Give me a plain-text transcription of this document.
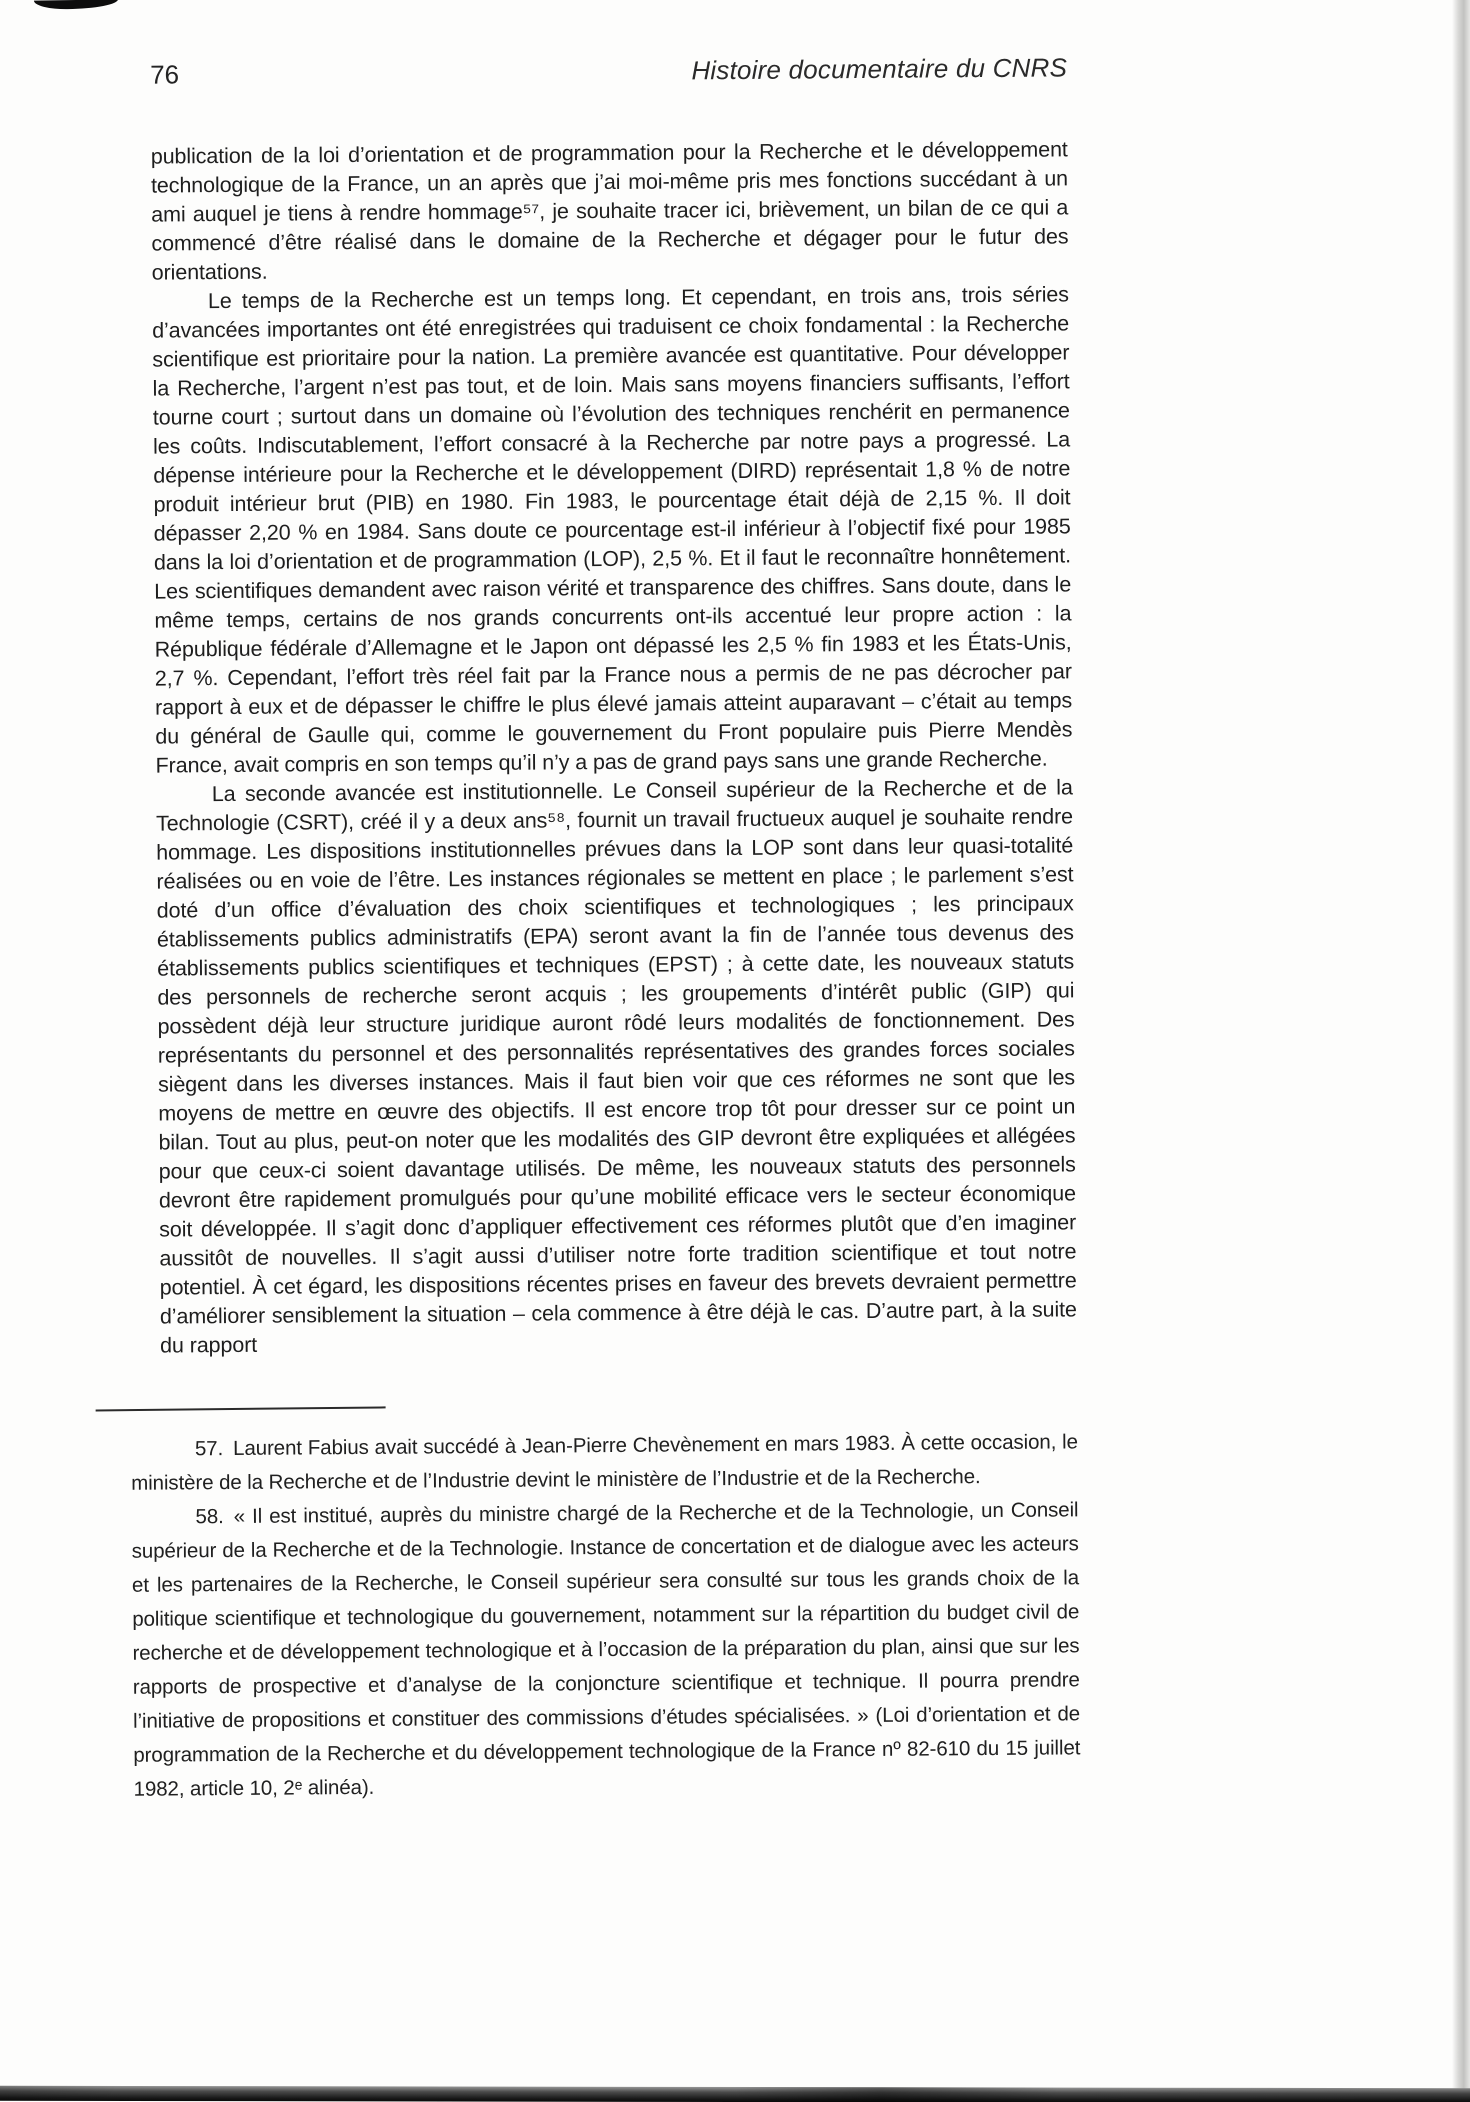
76	Histoire documentaire du CNRS

publication de la loi d’orientation et de programmation pour la Recherche et le développement technologique de la France, un an après que j’ai moi-même pris mes fonctions succédant à un ami auquel je tiens à rendre hommage⁵⁷, je souhaite tracer ici, brièvement, un bilan de ce qui a commencé d’être réalisé dans le domaine de la Recherche et dégager pour le futur des orientations.

Le temps de la Recherche est un temps long. Et cependant, en trois ans, trois séries d’avancées importantes ont été enregistrées qui traduisent ce choix fondamental : la Recherche scientifique est prioritaire pour la nation. La première avancée est quantitative. Pour développer la Recherche, l’argent n’est pas tout, et de loin. Mais sans moyens financiers suffisants, l’effort tourne court ; surtout dans un domaine où l’évolution des techniques renchérit en permanence les coûts. Indiscutablement, l’effort consacré à la Recherche par notre pays a progressé. La dépense intérieure pour la Recherche et le développement (DIRD) représentait 1,8 % de notre produit intérieur brut (PIB) en 1980. Fin 1983, le pourcentage était déjà de 2,15 %. Il doit dépasser 2,20 % en 1984. Sans doute ce pourcentage est-il inférieur à l’objectif fixé pour 1985 dans la loi d’orientation et de programmation (LOP), 2,5 %. Et il faut le reconnaître honnêtement. Les scientifiques demandent avec raison vérité et transparence des chiffres. Sans doute, dans le même temps, certains de nos grands concurrents ont-ils accentué leur propre action : la République fédérale d’Allemagne et le Japon ont dépassé les 2,5 % fin 1983 et les États-Unis, 2,7 %. Cependant, l’effort très réel fait par la France nous a permis de ne pas décrocher par rapport à eux et de dépasser le chiffre le plus élevé jamais atteint auparavant – c’était au temps du général de Gaulle qui, comme le gouvernement du Front populaire puis Pierre Mendès France, avait compris en son temps qu’il n’y a pas de grand pays sans une grande Recherche.

La seconde avancée est institutionnelle. Le Conseil supérieur de la Recherche et de la Technologie (CSRT), créé il y a deux ans⁵⁸, fournit un travail fructueux auquel je souhaite rendre hommage. Les dispositions institutionnelles prévues dans la LOP sont dans leur quasi-totalité réalisées ou en voie de l’être. Les instances régionales se mettent en place ; le parlement s’est doté d’un office d’évaluation des choix scientifiques et technologiques ; les principaux établissements publics administratifs (EPA) seront avant la fin de l’année tous devenus des établissements publics scientifiques et techniques (EPST) ; à cette date, les nouveaux statuts des personnels de recherche seront acquis ; les groupements d’intérêt public (GIP) qui possèdent déjà leur structure juridique auront rôdé leurs modalités de fonctionnement. Des représentants du personnel et des personnalités représentatives des grandes forces sociales siègent dans les diverses instances. Mais il faut bien voir que ces réformes ne sont que les moyens de mettre en œuvre des objectifs. Il est encore trop tôt pour dresser sur ce point un bilan. Tout au plus, peut-on noter que les modalités des GIP devront être expliquées et allégées pour que ceux-ci soient davantage utilisés. De même, les nouveaux statuts des personnels devront être rapidement promulgués pour qu’une mobilité efficace vers le secteur économique soit développée. Il s’agit donc d’appliquer effectivement ces réformes plutôt que d’en imaginer aussitôt de nouvelles. Il s’agit aussi d’utiliser notre forte tradition scientifique et tout notre potentiel. À cet égard, les dispositions récentes prises en faveur des brevets devraient permettre d’améliorer sensiblement la situation – cela commence à être déjà le cas. D’autre part, à la suite du rapport

57. Laurent Fabius avait succédé à Jean-Pierre Chevènement en mars 1983. À cette occasion, le ministère de la Recherche et de l’Industrie devint le ministère de l’Industrie et de la Recherche.

58. « Il est institué, auprès du ministre chargé de la Recherche et de la Technologie, un Conseil supérieur de la Recherche et de la Technologie. Instance de concertation et de dialogue avec les acteurs et les partenaires de la Recherche, le Conseil supérieur sera consulté sur tous les grands choix de la politique scientifique et technologique du gouvernement, notamment sur la répartition du budget civil de recherche et de développement technologique et à l’occasion de la préparation du plan, ainsi que sur les rapports de prospective et d’analyse de la conjoncture scientifique et technique. Il pourra prendre l’initiative de propositions et constituer des commissions d’études spécialisées. » (Loi d’orientation et de programmation de la Recherche et du développement technologique de la France nº 82-610 du 15 juillet 1982, article 10, 2ᵉ alinéa).
